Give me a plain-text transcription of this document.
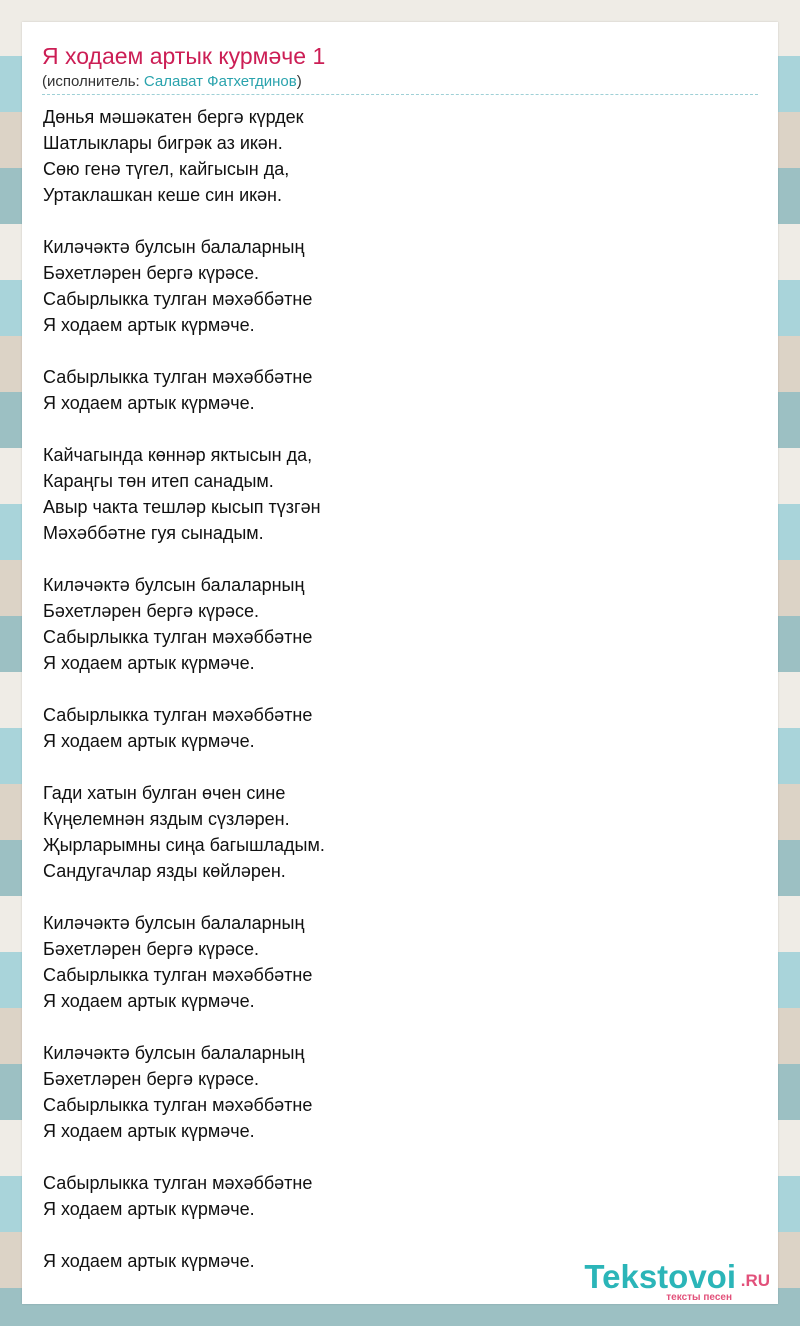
Я ходаем артык курмәче 1
(исполнитель: Салават Фатхетдинов)
Дөнья мәшәкатен бергә күрдек
Шатлыклары бигрәк аз икән.
Сөю генә түгел, кайгысын да,
Уртаклашкан кеше син икән.
Киләчәктә булсын балаларның
Бәхетләрен бергә күрәсе.
Сабырлыкка тулган мәхәббәтне
Я ходаем артык күрмәче.
Сабырлыкка тулган мәхәббәтне
Я ходаем артык күрмәче.
Кайчагында көннәр яктысын да,
Караңгы төн итеп санадым.
Авыр чакта тешләр кысып түзгән
Мәхәббәтне гуя сынадым.
Киләчәктә булсын балаларның
Бәхетләрен бергә күрәсе.
Сабырлыкка тулган мәхәббәтне
Я ходаем артык күрмәче.
Сабырлыкка тулган мәхәббәтне
Я ходаем артык күрмәче.
Гади хатын булган өчен сине
Күңелемнән яздым сүзләрен.
Җырларымны сиңа багышладым.
Сандугачлар язды көйләрен.
Киләчәктә булсын балаларның
Бәхетләрен бергә күрәсе.
Сабырлыкка тулган мәхәббәтне
Я ходаем артык күрмәче.
Киләчәктә булсын балаларның
Бәхетләрен бергә күрәсе.
Сабырлыкка тулган мәхәббәтне
Я ходаем артык күрмәче.
Сабырлыкка тулган мәхәббәтне
Я ходаем артык күрмәче.
Я ходаем артык күрмәче.	Tekstovoi .RU
тексты песен
